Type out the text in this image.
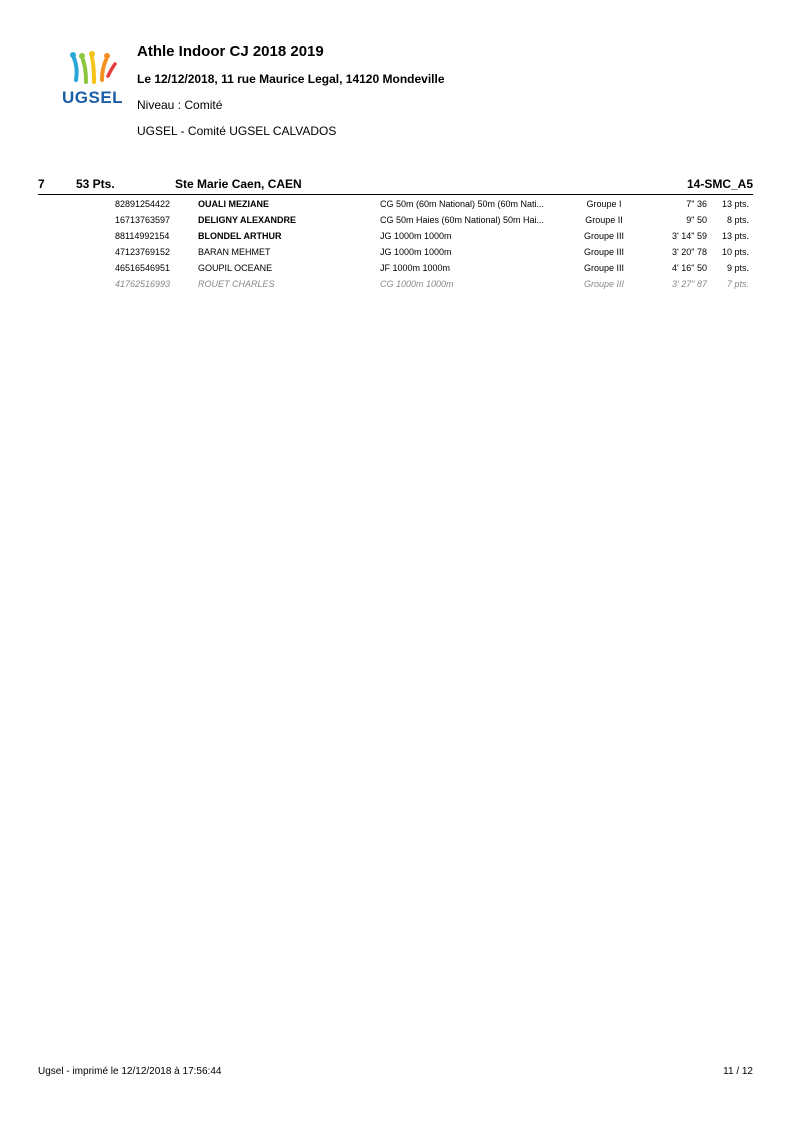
UGSEL
Athle Indoor CJ 2018 2019
Le 12/12/2018, 11 rue Maurice Legal, 14120 Mondeville
Niveau : Comité
UGSEL - Comité UGSEL CALVADOS
7	53 Pts.	Ste Marie Caen, CAEN	14-SMC_A5
82891254422	OUALI MEZIANE	CG 50m (60m National) 50m (60m Nati...	Groupe I	7" 36 13 pts.
16713763597	DELIGNY ALEXANDRE	CG 50m Haies (60m National) 50m Hai...	Groupe II	9" 50 8 pts.
88114992154	BLONDEL ARTHUR	JG 1000m 1000m	Groupe III	3' 14" 59 13 pts.
47123769152	BARAN MEHMET	JG 1000m 1000m	Groupe III	3' 20" 78 10 pts.
46516546951	GOUPIL OCEANE	JF 1000m 1000m	Groupe III	4' 16" 50 9 pts.
41762516993	ROUET CHARLES	CG 1000m 1000m	Groupe III	3' 27" 87 7 pts.
Ugsel - imprimé le 12/12/2018 à 17:56:44	11 / 12
